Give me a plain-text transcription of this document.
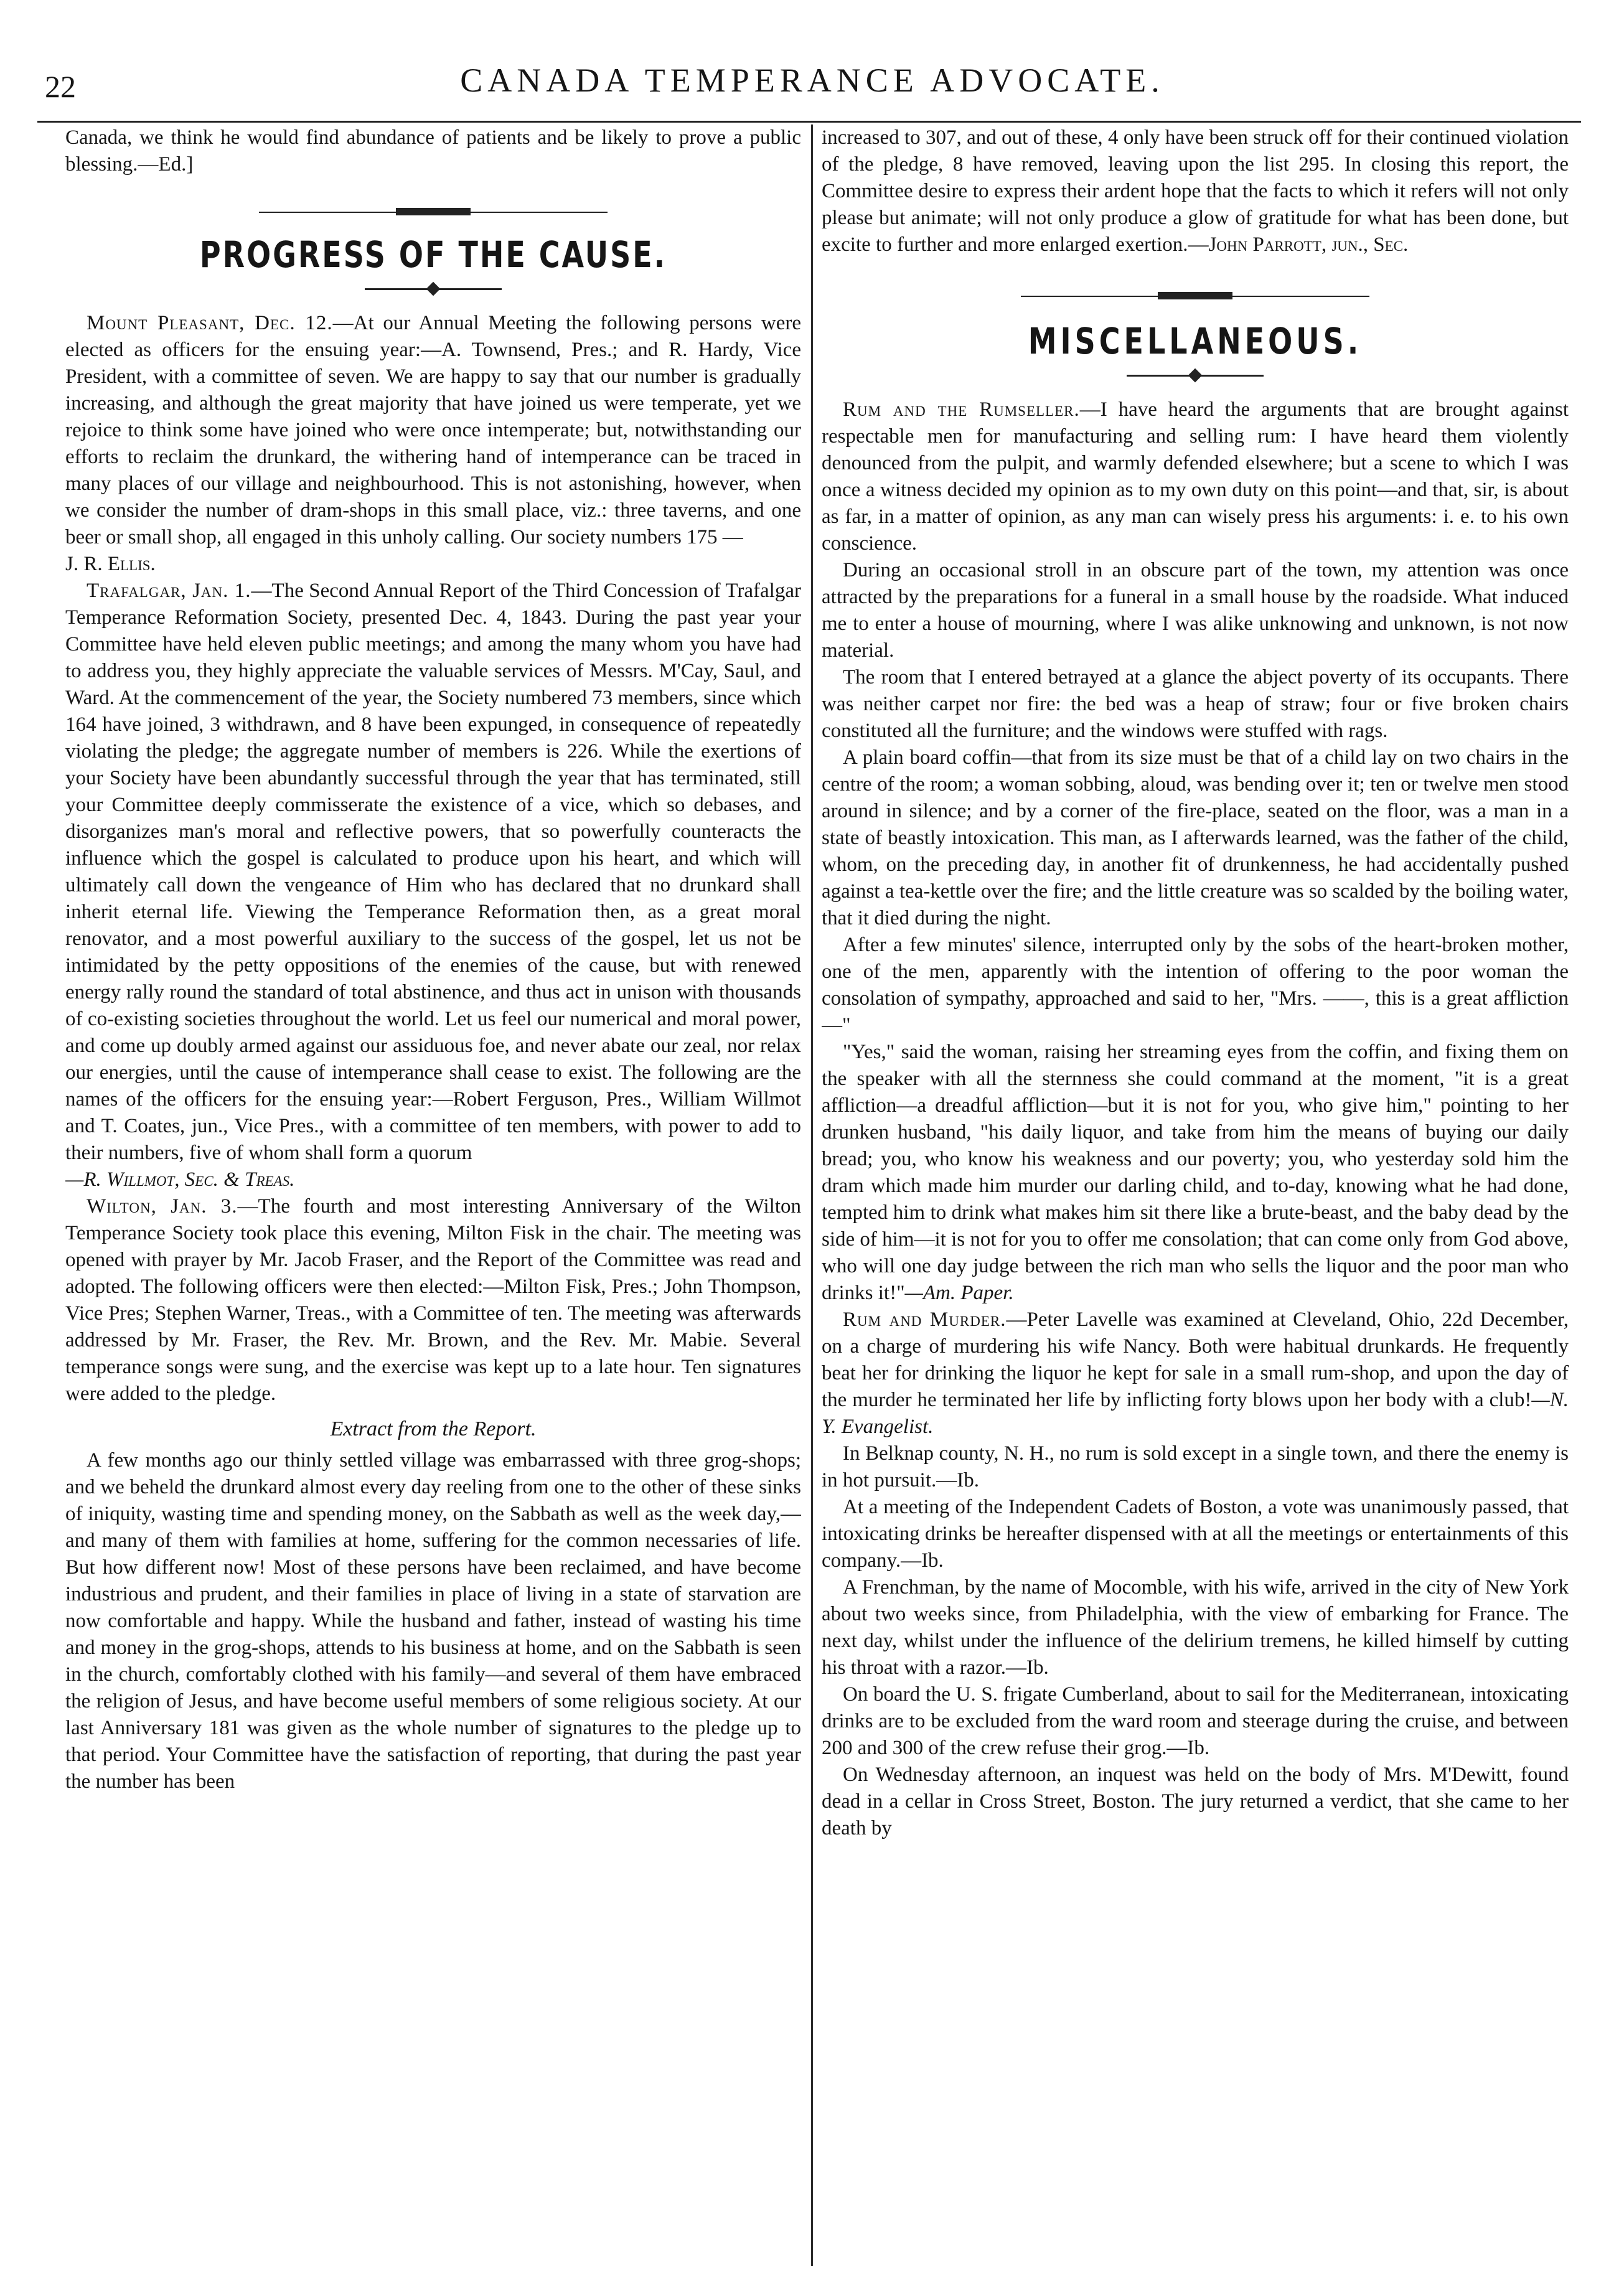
22	CANADA TEMPERANCE ADVOCATE.

Canada, we think he would find abundance of patients and be likely to prove a public blessing.—Ed.]

PROGRESS OF THE CAUSE.

Mount Pleasant, Dec. 12.—At our Annual Meeting the following persons were elected as officers for the ensuing year:—A. Townsend, Pres.; and R. Hardy, Vice President, with a committee of seven. We are happy to say that our number is gradually increasing, and although the great majority that have joined us were temperate, yet we rejoice to think some have joined who were once intemperate; but, notwithstanding our efforts to reclaim the drunkard, the withering hand of intemperance can be traced in many places of our village and neighbourhood. This is not astonishing, however, when we consider the number of dram-shops in this small place, viz.: three taverns, and one beer or small shop, all engaged in this unholy calling. Our society numbers 175 —

J. R. Ellis.

Trafalgar, Jan. 1.—The Second Annual Report of the Third Concession of Trafalgar Temperance Reformation Society, presented Dec. 4, 1843. During the past year your Committee have held eleven public meetings; and among the many whom you have had to address you, they highly appreciate the valuable services of Messrs. M'Cay, Saul, and Ward. At the commencement of the year, the Society numbered 73 members, since which 164 have joined, 3 withdrawn, and 8 have been expunged, in consequence of repeatedly violating the pledge; the aggregate number of members is 226. While the exertions of your Society have been abundantly successful through the year that has terminated, still your Committee deeply commisserate the existence of a vice, which so debases, and disorganizes man's moral and reflective powers, that so powerfully counteracts the influence which the gospel is calculated to produce upon his heart, and which will ultimately call down the vengeance of Him who has declared that no drunkard shall inherit eternal life. Viewing the Temperance Reformation then, as a great moral renovator, and a most powerful auxiliary to the success of the gospel, let us not be intimidated by the petty oppositions of the enemies of the cause, but with renewed energy rally round the standard of total abstinence, and thus act in unison with thousands of co-existing societies throughout the world. Let us feel our numerical and moral power, and come up doubly armed against our assiduous foe, and never abate our zeal, nor relax our energies, until the cause of intemperance shall cease to exist. The following are the names of the officers for the ensuing year:—Robert Ferguson, Pres., William Willmot and T. Coates, jun., Vice Pres., with a committee of ten members, with power to add to their numbers, five of whom shall form a quorum

—R. Willmot, Sec. & Treas.

Wilton, Jan. 3.—The fourth and most interesting Anniversary of the Wilton Temperance Society took place this evening, Milton Fisk in the chair. The meeting was opened with prayer by Mr. Jacob Fraser, and the Report of the Committee was read and adopted. The following officers were then elected:—Milton Fisk, Pres.; John Thompson, Vice Pres; Stephen Warner, Treas., with a Committee of ten. The meeting was afterwards addressed by Mr. Fraser, the Rev. Mr. Brown, and the Rev. Mr. Mabie. Several temperance songs were sung, and the exercise was kept up to a late hour. Ten signatures were added to the pledge.

Extract from the Report.

A few months ago our thinly settled village was embarrassed with three grog-shops; and we beheld the drunkard almost every day reeling from one to the other of these sinks of iniquity, wasting time and spending money, on the Sabbath as well as the week day,—and many of them with families at home, suffering for the common necessaries of life. But how different now! Most of these persons have been reclaimed, and have become industrious and prudent, and their families in place of living in a state of starvation are now comfortable and happy. While the husband and father, instead of wasting his time and money in the grog-shops, attends to his business at home, and on the Sabbath is seen in the church, comfortably clothed with his family—and several of them have embraced the religion of Jesus, and have become useful members of some religious society. At our last Anniversary 181 was given as the whole number of signatures to the pledge up to that period. Your Committee have the satisfaction of reporting, that during the past year the number has been

increased to 307, and out of these, 4 only have been struck off for their continued violation of the pledge, 8 have removed, leaving upon the list 295. In closing this report, the Committee desire to express their ardent hope that the facts to which it refers will not only please but animate; will not only produce a glow of gratitude for what has been done, but excite to further and more enlarged exertion.—John Parrott, jun., Sec.

MISCELLANEOUS.

Rum and the Rumseller.—I have heard the arguments that are brought against respectable men for manufacturing and selling rum: I have heard them violently denounced from the pulpit, and warmly defended elsewhere; but a scene to which I was once a witness decided my opinion as to my own duty on this point—and that, sir, is about as far, in a matter of opinion, as any man can wisely press his arguments: i. e. to his own conscience.

During an occasional stroll in an obscure part of the town, my attention was once attracted by the preparations for a funeral in a small house by the roadside. What induced me to enter a house of mourning, where I was alike unknowing and unknown, is not now material.

The room that I entered betrayed at a glance the abject poverty of its occupants. There was neither carpet nor fire: the bed was a heap of straw; four or five broken chairs constituted all the furniture; and the windows were stuffed with rags.

A plain board coffin—that from its size must be that of a child lay on two chairs in the centre of the room; a woman sobbing, aloud, was bending over it; ten or twelve men stood around in silence; and by a corner of the fire-place, seated on the floor, was a man in a state of beastly intoxication. This man, as I afterwards learned, was the father of the child, whom, on the preceding day, in another fit of drunkenness, he had accidentally pushed against a tea-kettle over the fire; and the little creature was so scalded by the boiling water, that it died during the night.

After a few minutes' silence, interrupted only by the sobs of the heart-broken mother, one of the men, apparently with the intention of offering to the poor woman the consolation of sympathy, approached and said to her, "Mrs. ——, this is a great affliction—"

"Yes," said the woman, raising her streaming eyes from the coffin, and fixing them on the speaker with all the sternness she could command at the moment, "it is a great affliction—a dreadful affliction—but it is not for you, who give him," pointing to her drunken husband, "his daily liquor, and take from him the means of buying our daily bread; you, who know his weakness and our poverty; you, who yesterday sold him the dram which made him murder our darling child, and to-day, knowing what he had done, tempted him to drink what makes him sit there like a brute-beast, and the baby dead by the side of him—it is not for you to offer me consolation; that can come only from God above, who will one day judge between the rich man who sells the liquor and the poor man who drinks it!"—Am. Paper.

Rum and Murder.—Peter Lavelle was examined at Cleveland, Ohio, 22d December, on a charge of murdering his wife Nancy. Both were habitual drunkards. He frequently beat her for drinking the liquor he kept for sale in a small rum-shop, and upon the day of the murder he terminated her life by inflicting forty blows upon her body with a club!—N. Y. Evangelist.

In Belknap county, N. H., no rum is sold except in a single town, and there the enemy is in hot pursuit.—Ib.

At a meeting of the Independent Cadets of Boston, a vote was unanimously passed, that intoxicating drinks be hereafter dispensed with at all the meetings or entertainments of this company.—Ib.

A Frenchman, by the name of Mocomble, with his wife, arrived in the city of New York about two weeks since, from Philadelphia, with the view of embarking for France. The next day, whilst under the influence of the delirium tremens, he killed himself by cutting his throat with a razor.—Ib.

On board the U. S. frigate Cumberland, about to sail for the Mediterranean, intoxicating drinks are to be excluded from the ward room and steerage during the cruise, and between 200 and 300 of the crew refuse their grog.—Ib.

On Wednesday afternoon, an inquest was held on the body of Mrs. M'Dewitt, found dead in a cellar in Cross Street, Boston. The jury returned a verdict, that she came to her death by
